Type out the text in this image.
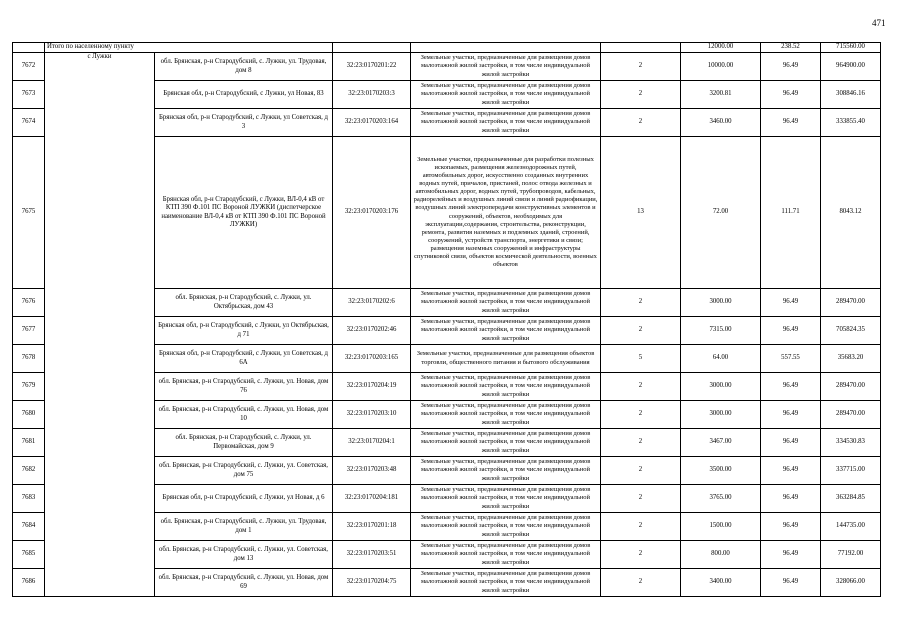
471
	Итого по населенному пункту					12000.00	238.52	715560.00
7672	с Лужки	обл. Брянская, р-н Стародубский, с. Лужки, ул. Трудовая, дом 8	32:23:0170201:22	Земельные участки, предназначенные для размещения домов малоэтажной жилой застройки, в том числе индивидуальной жилой застройки	2	10000.00	96.49	964900.00
7673		Брянская обл, р-н Стародубский, с Лужки, ул Новая, 83	32:23:0170203:3	Земельные участки, предназначенные для размещения домов малоэтажной жилой застройки, в том числе индивидуальной жилой застройки	2	3200.81	96.49	308846.16
7674		Брянская обл, р-н Стародубский, с Лужки, ул Советская, д 3	32:23:0170203:164	Земельные участки, предназначенные для размещения домов малоэтажной жилой застройки, в том числе индивидуальной жилой застройки	2	3460.00	96.49	333855.40
7675		Брянская обл, р-н Стародубский, с Лужки, ВЛ-0,4 кВ от КТП 390 Ф.101 ПС Вороной ЛУЖКИ (диспетчерское наименование ВЛ-0,4 кВ от КТП 390 Ф.101 ПС Вороной ЛУЖКИ)	32:23:0170203:176	Земельные участки, предназначенные для разработки полезных ископаемых, размещения железнодорожных путей, автомобильных дорог, искусственно созданных внутренних водных путей, причалов, пристаней, полос отвода железных и автомобильных дорог, водных путей, трубопроводов, кабельных, радиорелейных и воздушных линий связи и линий радиофикации, воздушных линий электропередачи конструктивных элементов и сооружений, объектов, необходимых для эксплуатации,содержания, строительства, реконструкции, ремонта, развития наземных и подземных зданий, строений, сооружений, устройств транспорта, энергетики и связи; размещения наземных сооружений и инфраструктуры спутниковой связи, объектов космической деятельности, военных объектов	13	72.00	111.71	8043.12
7676		обл. Брянская, р-н Стародубский, с. Лужки, ул. Октябрьская, дом 43	32:23:0170202:6	Земельные участки, предназначенные для размещения домов малоэтажной жилой застройки, в том числе индивидуальной жилой застройки	2	3000.00	96.49	289470.00
7677		Брянская обл, р-н Стародубский, с Лужки, ул Октябрьская, д 71	32:23:0170202:46	Земельные участки, предназначенные для размещения домов малоэтажной жилой застройки, в том числе индивидуальной жилой застройки	2	7315.00	96.49	705824.35
7678		Брянская обл, р-н Стародубский, с Лужки, ул Советская, д 6А	32:23:0170203:165	Земельные участки, предназначенные для размещения объектов торговли, общественного питания и бытового обслуживания	5	64.00	557.55	35683.20
7679		обл. Брянская, р-н Стародубский, с. Лужки, ул. Новая, дом 76	32:23:0170204:19	Земельные участки, предназначенные для размещения домов малоэтажной жилой застройки, в том числе индивидуальной жилой застройки	2	3000.00	96.49	289470.00
7680		обл. Брянская, р-н Стародубский, с. Лужки, ул. Новая, дом 10	32:23:0170203:10	Земельные участки, предназначенные для размещения домов малоэтажной жилой застройки, в том числе индивидуальной жилой застройки	2	3000.00	96.49	289470.00
7681		обл. Брянская, р-н Стародубский, с. Лужки, ул. Первомайская, дом 9	32:23:0170204:1	Земельные участки, предназначенные для размещения домов малоэтажной жилой застройки, в том числе индивидуальной жилой застройки	2	3467.00	96.49	334530.83
7682		обл. Брянская, р-н Стародубский, с. Лужки, ул. Советская, дом 75	32:23:0170203:48	Земельные участки, предназначенные для размещения домов малоэтажной жилой застройки, в том числе индивидуальной жилой застройки	2	3500.00	96.49	337715.00
7683		Брянская обл, р-н Стародубский, с Лужки, ул Новая, д 6	32:23:0170204:181	Земельные участки, предназначенные для размещения домов малоэтажной жилой застройки, в том числе индивидуальной жилой застройки	2	3765.00	96.49	363284.85
7684		обл. Брянская, р-н Стародубский, с. Лужки, ул. Трудовая, дом 1	32:23:0170201:18	Земельные участки, предназначенные для размещения домов малоэтажной жилой застройки, в том числе индивидуальной жилой застройки	2	1500.00	96.49	144735.00
7685		обл. Брянская, р-н Стародубский, с. Лужки, ул. Советская, дом 13	32:23:0170203:51	Земельные участки, предназначенные для размещения домов малоэтажной жилой застройки, в том числе индивидуальной жилой застройки	2	800.00	96.49	77192.00
7686		обл. Брянская, р-н Стародубский, с. Лужки, ул. Новая, дом 69	32:23:0170204:75	Земельные участки, предназначенные для размещения домов малоэтажной жилой застройки, в том числе индивидуальной жилой застройки	2	3400.00	96.49	328066.00
